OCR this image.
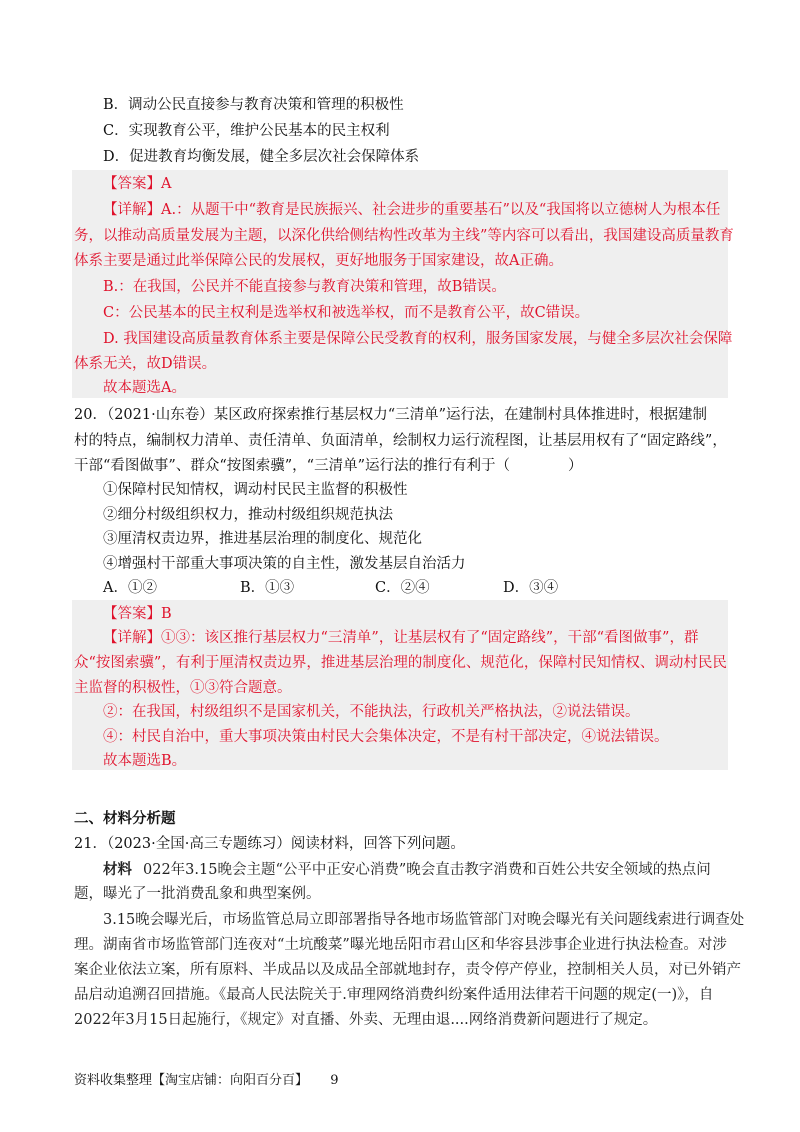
B．调动公民直接参与教育决策和管理的积极性
C．实现教育公平，维护公民基本的民主权利
D．促进教育均衡发展，健全多层次社会保障体系
【答案】A
【详解】A.：从题干中“教育是民族振兴、社会进步的重要基石”以及“我国将以立德树人为根本任
务，以推动高质量发展为主题，以深化供给侧结构性改革为主线”等内容可以看出，我国建设高质量教育
体系主要是通过此举保障公民的发展权，更好地服务于国家建设，故A正确。
B.：在我国，公民并不能直接参与教育决策和管理，故B错误。
C：公民基本的民主权利是选举权和被选举权，而不是教育公平，故C错误。
D. 我国建设高质量教育体系主要是保障公民受教育的权利，服务国家发展，与健全多层次社会保障
体系无关，故D错误。
故本题选A。
20．（2021·山东卷）某区政府探索推行基层权力“三清单”运行法，在建制村具体推进时，根据建制
村的特点，编制权力清单、责任清单、负面清单，绘制权力运行流程图，让基层用权有了“固定路线”，
干部“看图做事”、群众“按图索骥”，“三清单”运行法的推行有利于（　　　　）
①保障村民知情权，调动村民民主监督的积极性
②细分村级组织权力，推动村级组织规范执法
③厘清权责边界，推进基层治理的制度化、规范化
④增强村干部重大事项决策的自主性，激发基层自治活力
A．①②	B．①③	C．②④	D．③④
【答案】B
【详解】①③：该区推行基层权力“三清单”，让基层权有了“固定路线”，干部“看图做事”，群
众“按图索骥”，有利于厘清权责边界，推进基层治理的制度化、规范化，保障村民知情权、调动村民民
主监督的积极性，①③符合题意。
②：在我国，村级组织不是国家机关，不能执法，行政机关严格执法，②说法错误。
④：村民自治中，重大事项决策由村民大会集体决定，不是有村干部决定，④说法错误。
故本题选B。
二、材料分析题
21．（2023·全国·高三专题练习）阅读材料，回答下列问题。
材料 022年3.15晚会主题“公平中正安心消费”晚会直击教字消费和百姓公共安全领域的热点问
题，曝光了一批消费乱象和典型案例。
3.15晚会曝光后，市场监管总局立即部署指导各地市场监管部门对晚会曝光有关问题线索进行调查处
理。湖南省市场监管部门连夜对“土坑酸菜”曝光地岳阳市君山区和华容县涉事企业进行执法检查。对涉
案企业依法立案，所有原料、半成品以及成品全部就地封存，责令停产停业，控制相关人员，对已外销产
品启动追溯召回措施。《最高人民法院关于.审理网络消费纠纷案件适用法律若干问题的规定(一)》，自
2022年3月15日起施行，《规定》对直播、外卖、无理由退....网络消费新问题进行了规定。
资料收集整理【淘宝店铺：向阳百分百】 9
